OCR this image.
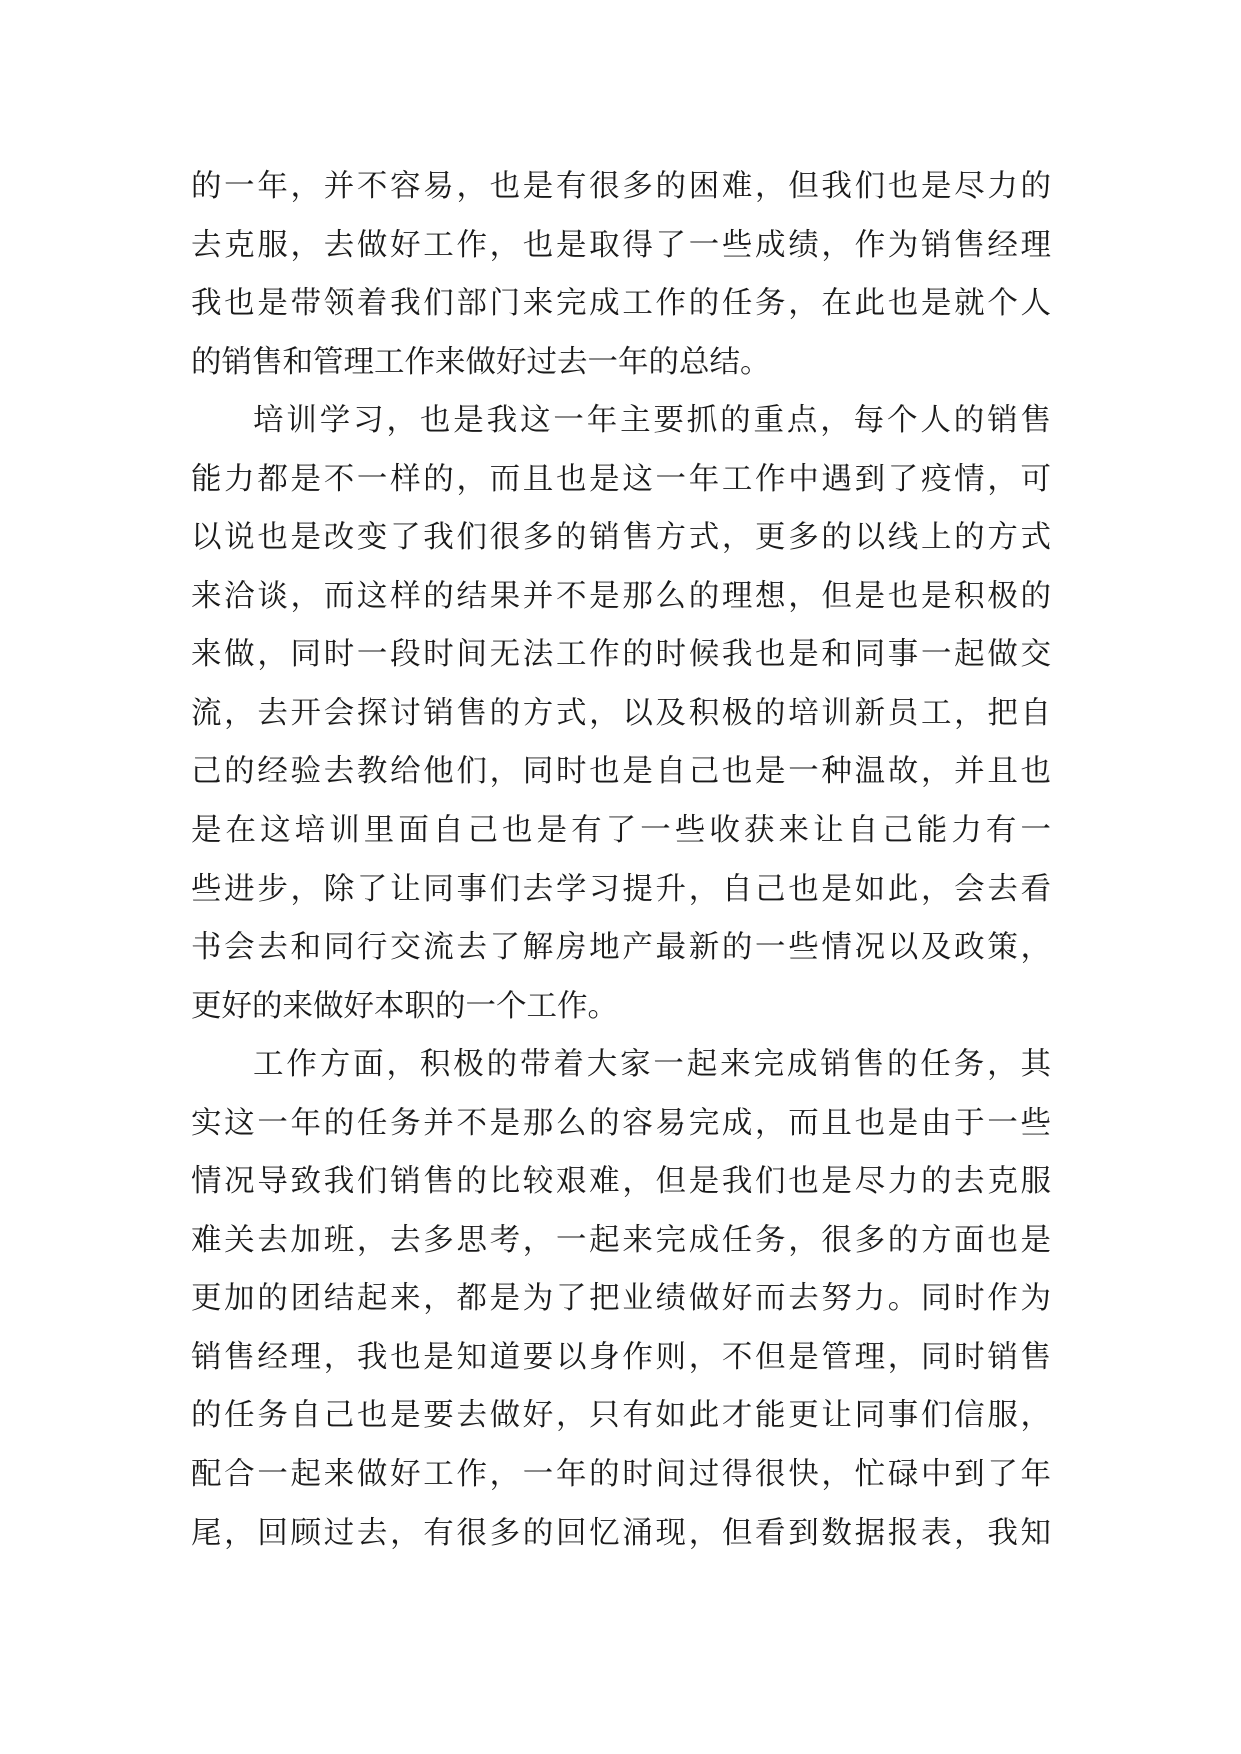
的一年，并不容易，也是有很多的困难，但我们也是尽力的
去克服，去做好工作，也是取得了一些成绩，作为销售经理
我也是带领着我们部门来完成工作的任务，在此也是就个人
的销售和管理工作来做好过去一年的总结。
培训学习，也是我这一年主要抓的重点，每个人的销售
能力都是不一样的，而且也是这一年工作中遇到了疫情，可
以说也是改变了我们很多的销售方式，更多的以线上的方式
来洽谈，而这样的结果并不是那么的理想，但是也是积极的
来做，同时一段时间无法工作的时候我也是和同事一起做交
流，去开会探讨销售的方式，以及积极的培训新员工，把自
己的经验去教给他们，同时也是自己也是一种温故，并且也
是在这培训里面自己也是有了一些收获来让自己能力有一
些进步，除了让同事们去学习提升，自己也是如此，会去看
书会去和同行交流去了解房地产最新的一些情况以及政策，
更好的来做好本职的一个工作。
工作方面，积极的带着大家一起来完成销售的任务，其
实这一年的任务并不是那么的容易完成，而且也是由于一些
情况导致我们销售的比较艰难，但是我们也是尽力的去克服
难关去加班，去多思考，一起来完成任务，很多的方面也是
更加的团结起来，都是为了把业绩做好而去努力。同时作为
销售经理，我也是知道要以身作则，不但是管理，同时销售
的任务自己也是要去做好，只有如此才能更让同事们信服，
配合一起来做好工作，一年的时间过得很快，忙碌中到了年
尾，回顾过去，有很多的回忆涌现，但看到数据报表，我知
